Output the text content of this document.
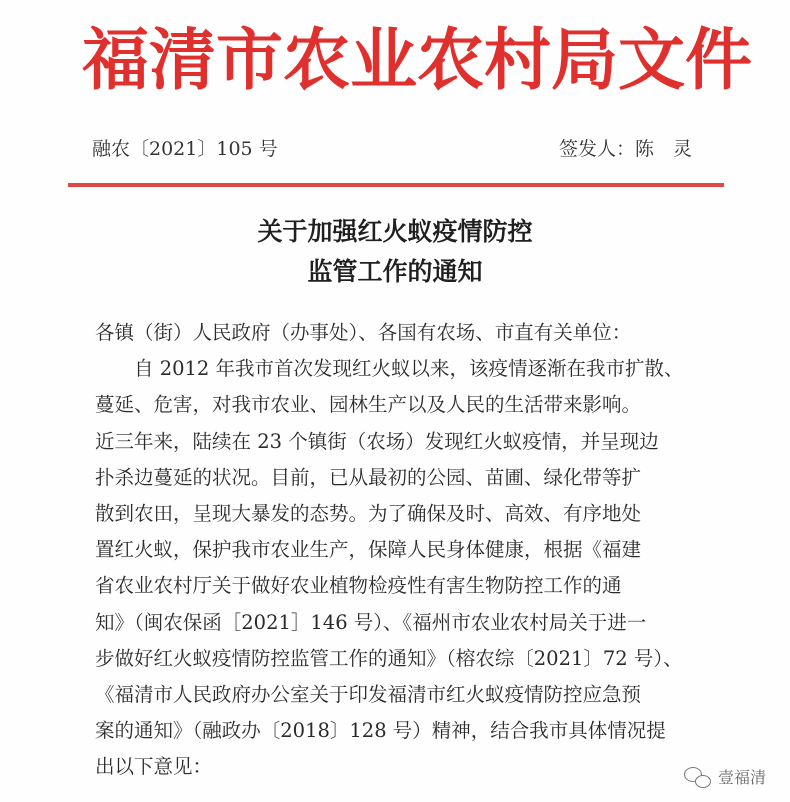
福清市农业农村局文件
融农〔2021〕105 号	签发人：陈　灵
关于加强红火蚁疫情防控
监管工作的通知
各镇（街）人民政府（办事处）、各国有农场、市直有关单位：
　　自 2012 年我市首次发现红火蚁以来，该疫情逐渐在我市扩散、
蔓延、危害，对我市农业、园林生产以及人民的生活带来影响。
近三年来，陆续在 23 个镇街（农场）发现红火蚁疫情，并呈现边
扑杀边蔓延的状况。目前，已从最初的公园、苗圃、绿化带等扩
散到农田，呈现大暴发的态势。为了确保及时、高效、有序地处
置红火蚁，保护我市农业生产，保障人民身体健康，根据《福建
省农业农村厅关于做好农业植物检疫性有害生物防控工作的通
知》（闽农保函［2021］146 号）、《福州市农业农村局关于进一
步做好红火蚁疫情防控监管工作的通知》（榕农综〔2021〕72 号）、
《福清市人民政府办公室关于印发福清市红火蚁疫情防控应急预
案的通知》（融政办〔2018〕128 号）精神，结合我市具体情况提
出以下意见：	壹福清
